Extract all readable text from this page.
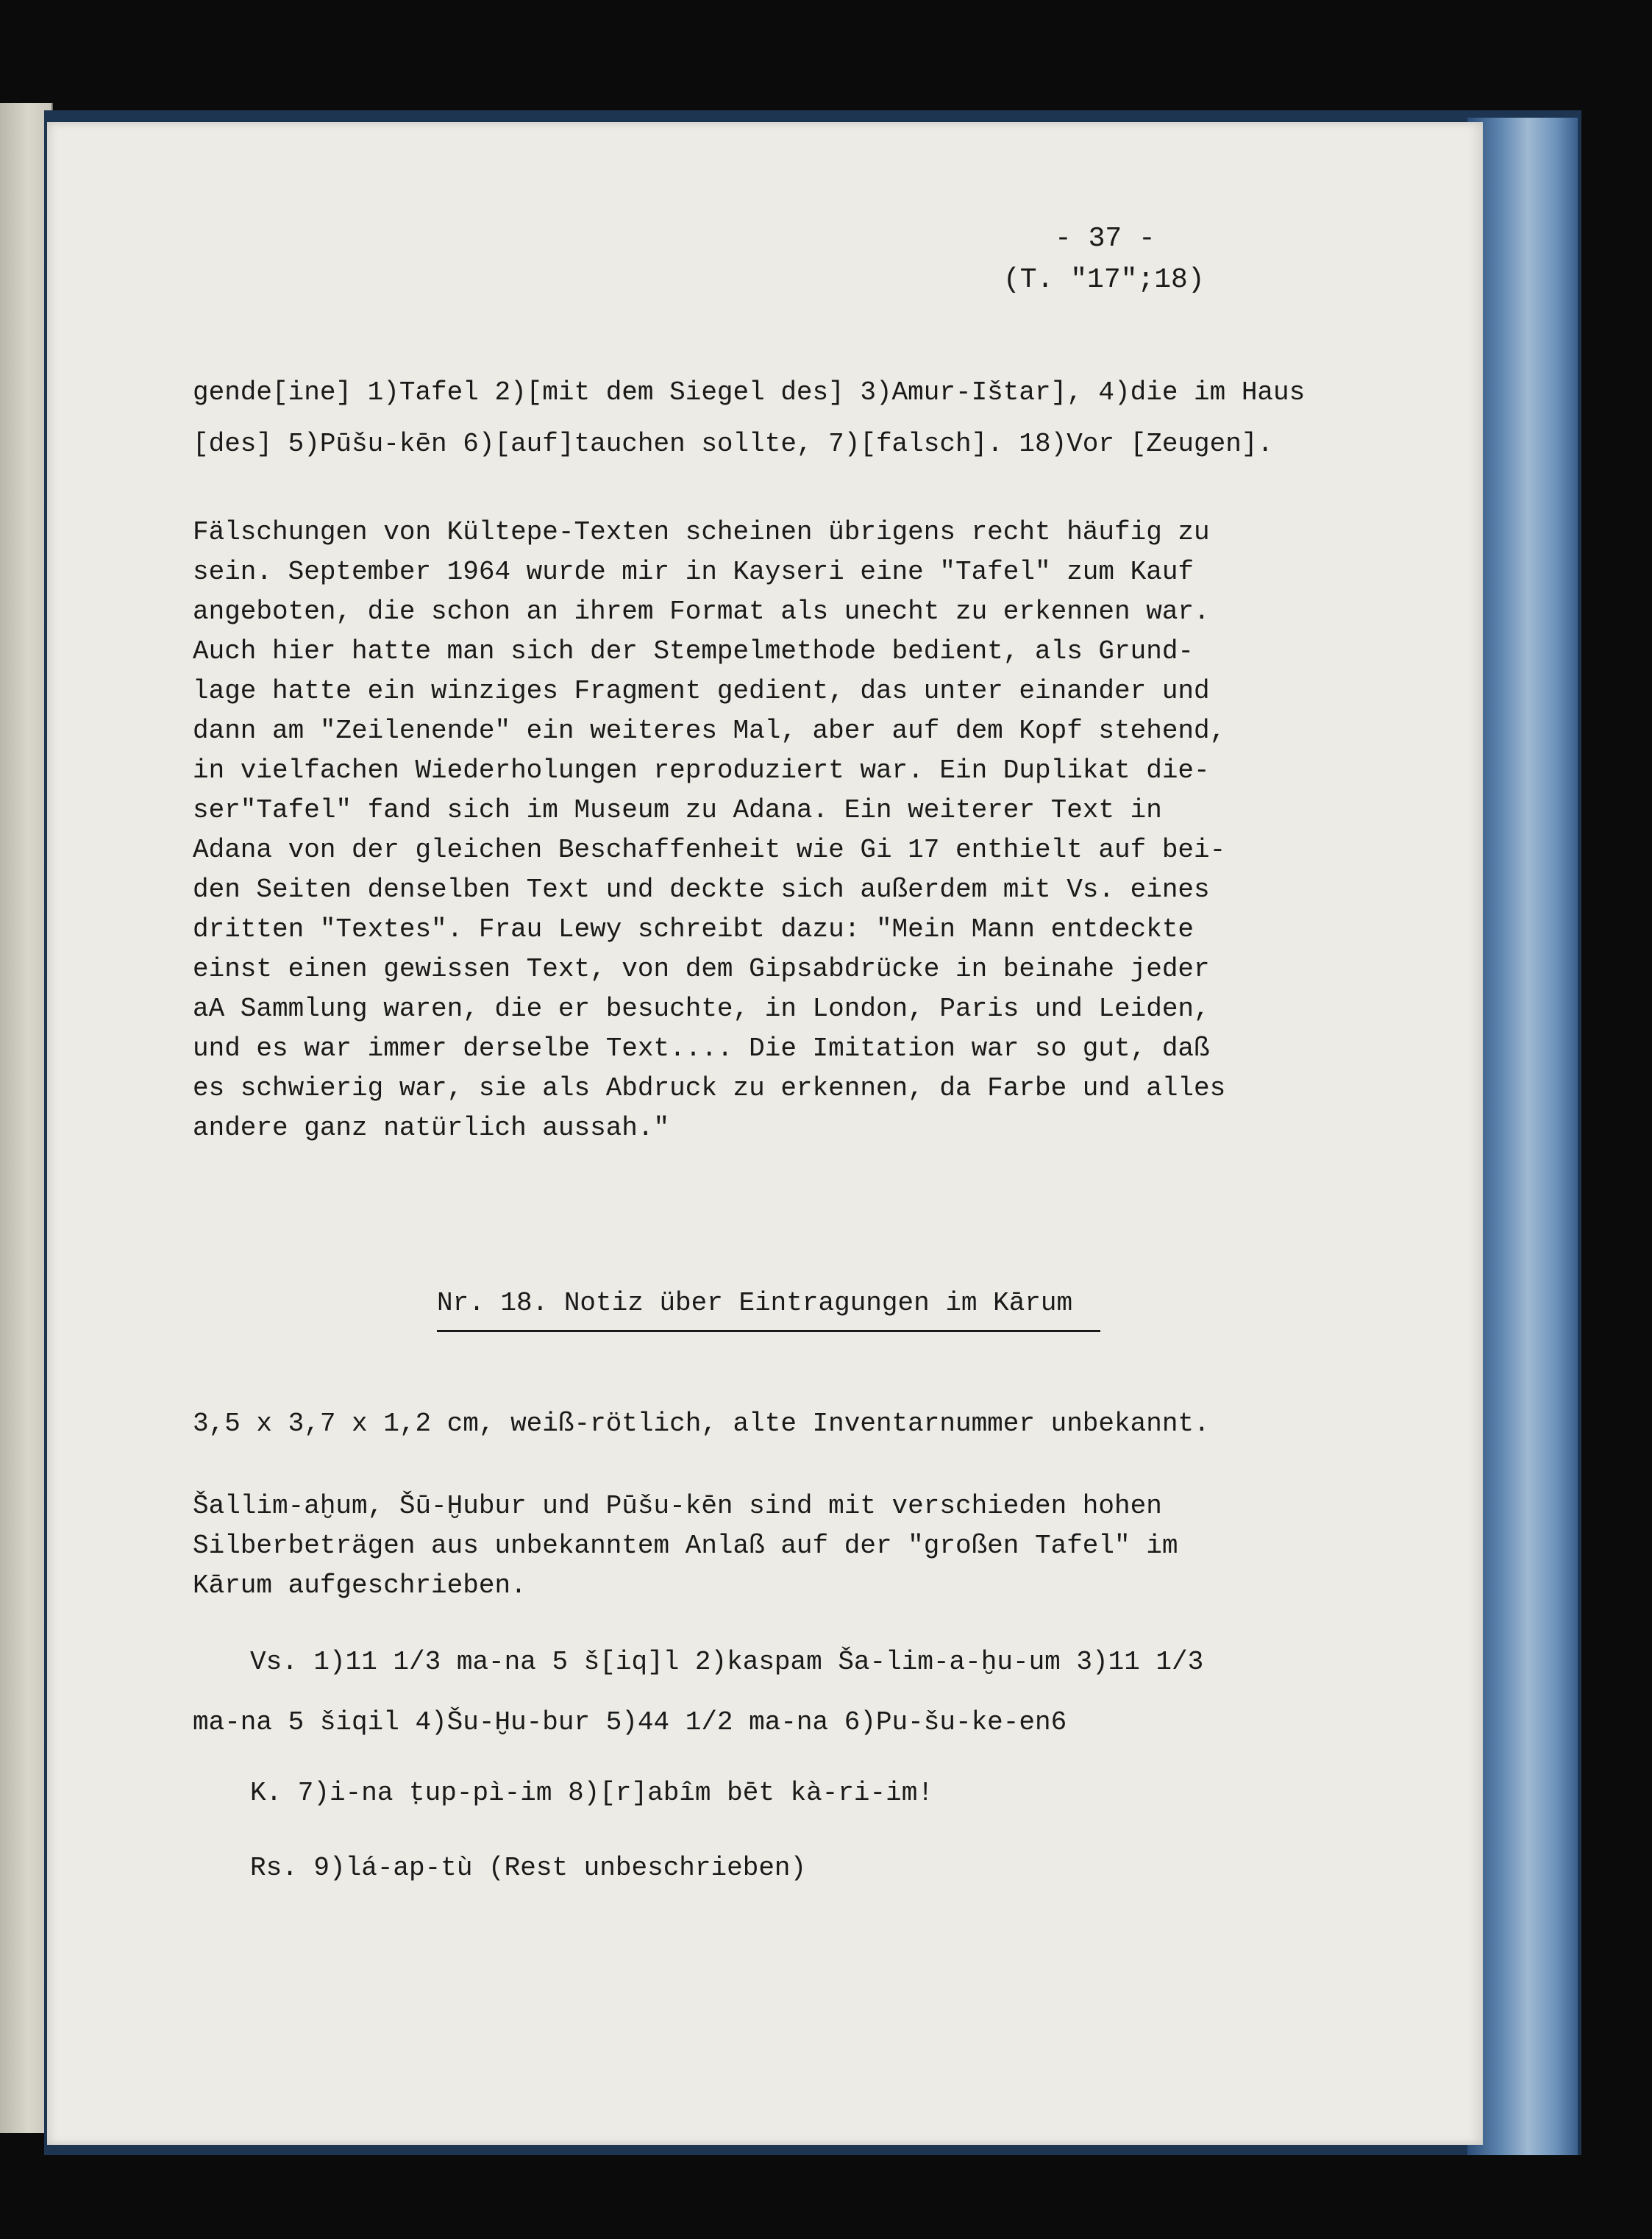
- 37 -
(T. "17";18)
gende[ine] 1)Tafel 2)[mit dem Siegel des] 3)Amur-Ištar], 4)die im Haus
[des] 5)Pūšu-kēn 6)[auf]tauchen sollte, 7)[falsch]. 18)Vor [Zeugen].
Fälschungen von Kültepe-Texten scheinen übrigens recht häufig zu
sein. September 1964 wurde mir in Kayseri eine "Tafel" zum Kauf
angeboten, die schon an ihrem Format als unecht zu erkennen war.
Auch hier hatte man sich der Stempelmethode bedient, als Grund-
lage hatte ein winziges Fragment gedient, das unter einander und
dann am "Zeilenende" ein weiteres Mal, aber auf dem Kopf stehend,
in vielfachen Wiederholungen reproduziert war. Ein Duplikat die-
ser"Tafel" fand sich im Museum zu Adana. Ein weiterer Text in
Adana von der gleichen Beschaffenheit wie Gi 17 enthielt auf bei-
den Seiten denselben Text und deckte sich außerdem mit Vs. eines
dritten "Textes". Frau Lewy schreibt dazu: "Mein Mann entdeckte
einst einen gewissen Text, von dem Gipsabdrücke in beinahe jeder
aA Sammlung waren, die er besuchte, in London, Paris und Leiden,
und es war immer derselbe Text.... Die Imitation war so gut, daß
es schwierig war, sie als Abdruck zu erkennen, da Farbe und alles
andere ganz natürlich aussah."
Nr. 18. Notiz über Eintragungen im Kārum
3,5 x 3,7 x 1,2 cm, weiß-rötlich, alte Inventarnummer unbekannt.
Šallim-aḫum, Šū-Ḫubur und Pūšu-kēn sind mit verschieden hohen
Silberbeträgen aus unbekanntem Anlaß auf der "großen Tafel" im
Kārum aufgeschrieben.
Vs. 1)11 1/3 ma-na 5 š[iq]l 2)kaspam Ša-lim-a-ḫu-um 3)11 1/3
ma-na 5 šiqil 4)Šu-Ḫu-bur 5)44 1/2 ma-na 6)Pu-šu-ke-en6
K. 7)i-na ṭup-pì-im 8)[r]abîm bēt kà-ri-im!
Rs. 9)lá-ap-tù (Rest unbeschrieben)
